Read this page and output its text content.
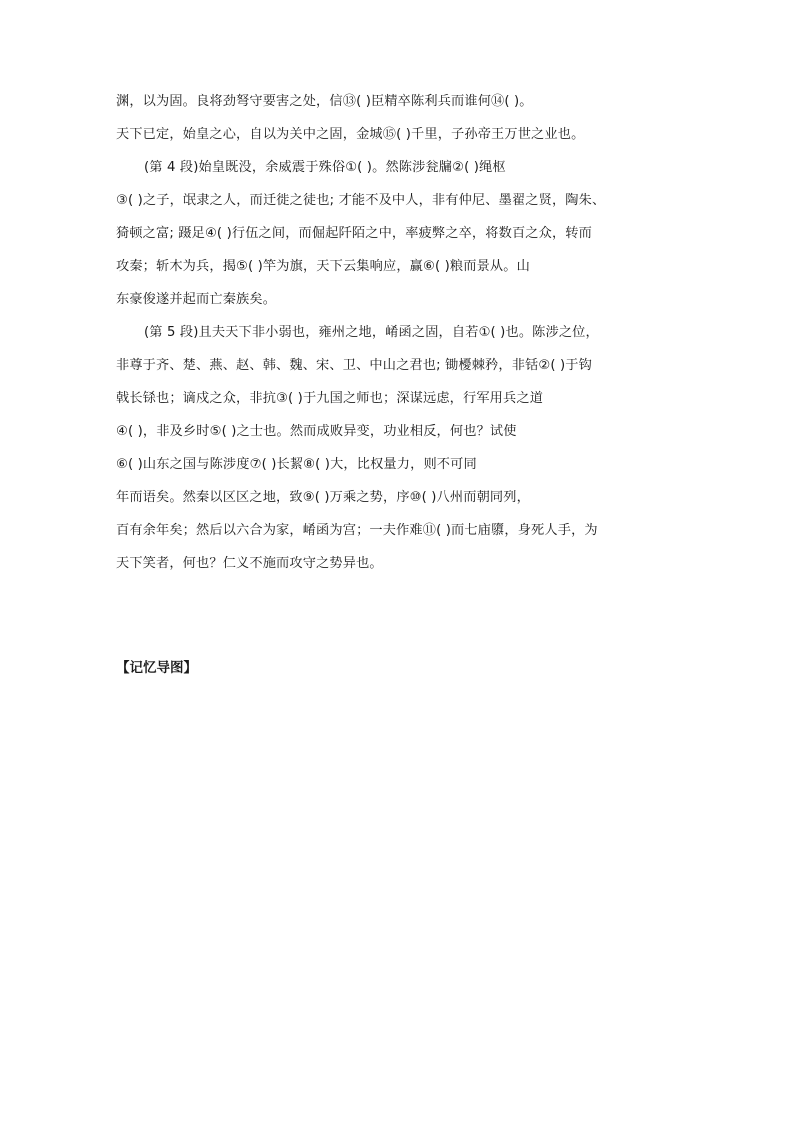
渊，以为固。良将劲弩守要害之处，信⑬( )臣精卒陈利兵而谁何⑭( )。
天下已定，始皇之心，自以为关中之固，金城⑮( )千里，子孙帝王万世之业也。
(第 4 段)始皇既没，余威震于殊俗①( )。然陈涉瓮牖②( )绳枢
③( )之子，氓隶之人，而迁徙之徒也; 才能不及中人，非有仲尼、墨翟之贤，陶朱、
猗顿之富; 蹑足④( )行伍之间，而倔起阡陌之中，率疲弊之卒，将数百之众，转而
攻秦；斩木为兵，揭⑤( )竿为旗，天下云集响应，赢⑥( )粮而景从。山
东豪俊遂并起而亡秦族矣。
(第 5 段)且夫天下非小弱也，雍州之地，崤函之固，自若①( )也。陈涉之位，
非尊于齐、楚、燕、赵、韩、魏、宋、卫、中山之君也; 锄櫌棘矜，非铦②( )于钩
戟长铩也；谪戍之众，非抗③( )于九国之师也；深谋远虑，行军用兵之道
④( )，非及乡时⑤( )之士也。然而成败异变，功业相反，何也？试使
⑥( )山东之国与陈涉度⑦( )长絜⑧( )大，比权量力，则不可同
年而语矣。然秦以区区之地，致⑨( )万乘之势，序⑩( )八州而朝同列，
百有余年矣；然后以六合为家，崤函为宫；一夫作难⑪( )而七庙隳，身死人手，为
天下笑者，何也？仁义不施而攻守之势异也。
【记忆导图】
